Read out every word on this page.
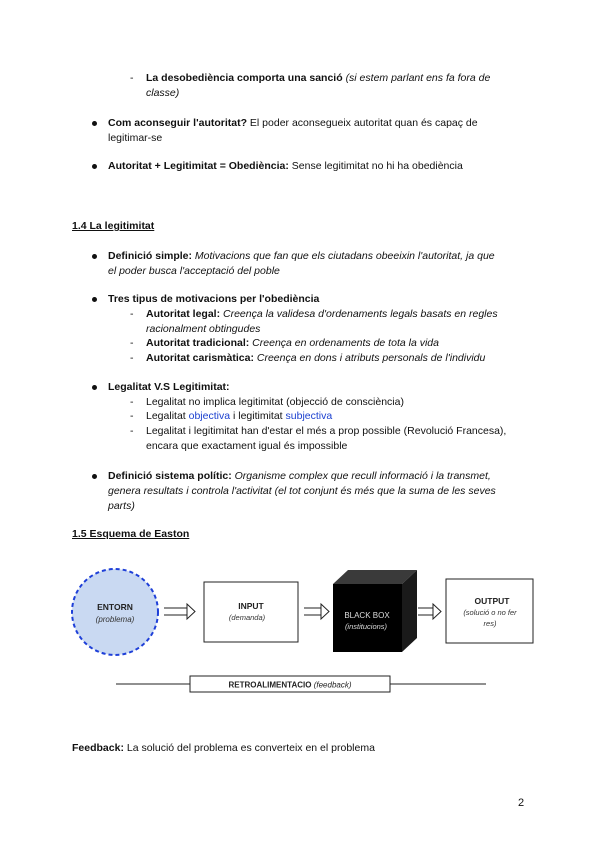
- La desobediència comporta una sanció (si estem parlant ens fa fora de
classe)
Com aconseguir l'autoritat? El poder aconsegueix autoritat quan és capaç de
legitimar-se
Autoritat + Legitimitat = Obediència: Sense legitimitat no hi ha obediència
1.4 La legitimitat
Definició simple: Motivacions que fan que els ciutadans obeeixin l'autoritat, ja que
el poder busca l'acceptació del poble
Tres tipus de motivacions per l'obediència
- Autoritat legal: Creença la validesa d'ordenaments legals basats en regles
racionalment obtingudes
- Autoritat tradicional: Creença en ordenaments de tota la vida
- Autoritat carismàtica: Creença en dons i atributs personals de l'individu
Legalitat V.S Legitimitat:
- Legalitat no implica legitimitat (objecció de consciència)
- Legalitat objectiva i legitimitat subjectiva
- Legalitat i legitimitat han d'estar el més a prop possible (Revolució Francesa),
encara que exactament igual és impossible
Definició sistema polític: Organisme complex que recull informació i la transmet,
genera resultats i controla l'activitat (el tot conjunt és més que la suma de les seves
parts)
1.5 Esquema de Easton
ENTORN
(problema)
INPUT
(demanda)	BLACK BOX
(institucions)
OUTPUT
(solució o no fer
res)
RETROALIMENTACIO (feedback)
Feedback: La solució del problema es converteix en el problema
2
